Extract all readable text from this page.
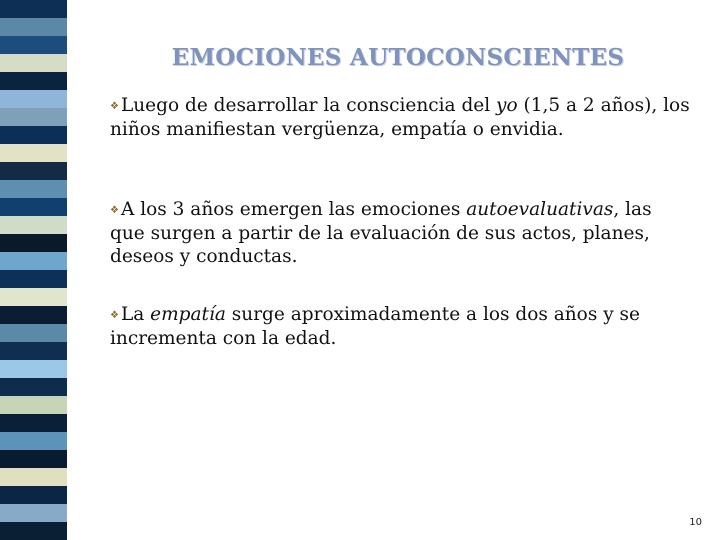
EMOCIONES AUTOCONSCIENTES

❖ Luego de desarrollar la consciencia del yo (1,5 a 2 años), los niños manifiestan vergüenza, empatía o envidia.

❖ A los 3 años emergen las emociones autoevaluativas, las que surgen a partir de la evaluación de sus actos, planes, deseos y conductas.

❖ La empatía surge aproximadamente a los dos años y se incrementa con la edad.

10
